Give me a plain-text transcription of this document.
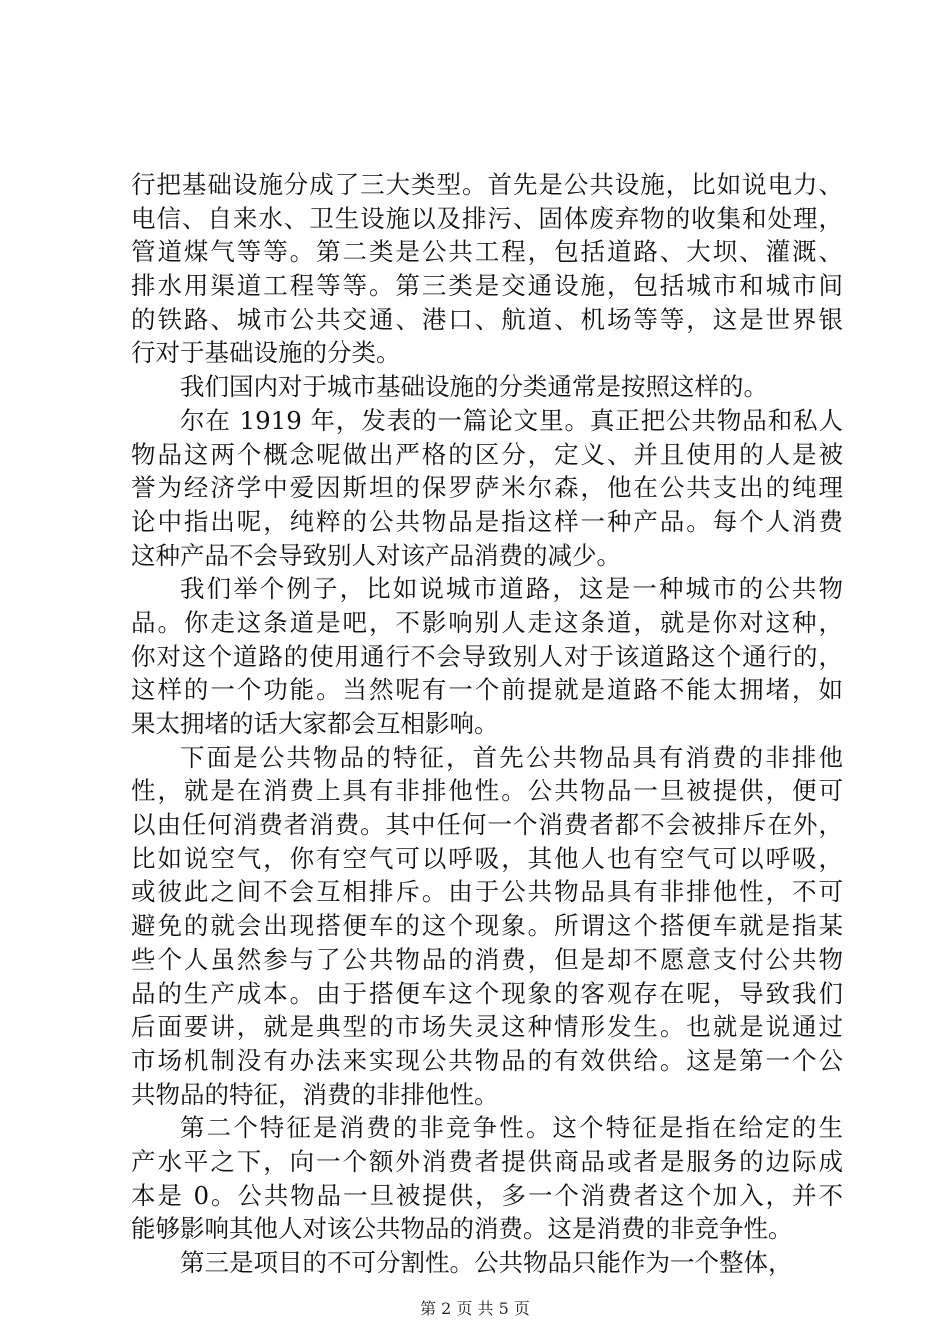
行把基础设施分成了三大类型。首先是公共设施，比如说电力、
电信、自来水、卫生设施以及排污、固体废弃物的收集和处理，
管道煤气等等。第二类是公共工程，包括道路、大坝、灌溉、
排水用渠道工程等等。第三类是交通设施，包括城市和城市间
的铁路、城市公共交通、港口、航道、机场等等，这是世界银
行对于基础设施的分类。
我们国内对于城市基础设施的分类通常是按照这样的。
尔在 1919 年，发表的一篇论文里。真正把公共物品和私人
物品这两个概念呢做出严格的区分，定义、并且使用的人是被
誉为经济学中爱因斯坦的保罗萨米尔森，他在公共支出的纯理
论中指出呢，纯粹的公共物品是指这样一种产品。每个人消费
这种产品不会导致别人对该产品消费的减少。
我们举个例子，比如说城市道路，这是一种城市的公共物
品。你走这条道是吧，不影响别人走这条道，就是你对这种，
你对这个道路的使用通行不会导致别人对于该道路这个通行的，
这样的一个功能。当然呢有一个前提就是道路不能太拥堵，如
果太拥堵的话大家都会互相影响。
下面是公共物品的特征，首先公共物品具有消费的非排他
性，就是在消费上具有非排他性。公共物品一旦被提供，便可
以由任何消费者消费。其中任何一个消费者都不会被排斥在外，
比如说空气，你有空气可以呼吸，其他人也有空气可以呼吸，
或彼此之间不会互相排斥。由于公共物品具有非排他性，不可
避免的就会出现搭便车的这个现象。所谓这个搭便车就是指某
些个人虽然参与了公共物品的消费，但是却不愿意支付公共物
品的生产成本。由于搭便车这个现象的客观存在呢，导致我们
后面要讲，就是典型的市场失灵这种情形发生。也就是说通过
市场机制没有办法来实现公共物品的有效供给。这是第一个公
共物品的特征，消费的非排他性。
第二个特征是消费的非竞争性。这个特征是指在给定的生
产水平之下，向一个额外消费者提供商品或者是服务的边际成
本是 0。公共物品一旦被提供，多一个消费者这个加入，并不
能够影响其他人对该公共物品的消费。这是消费的非竞争性。
第三是项目的不可分割性。公共物品只能作为一个整体，
第 2 页 共 5 页
